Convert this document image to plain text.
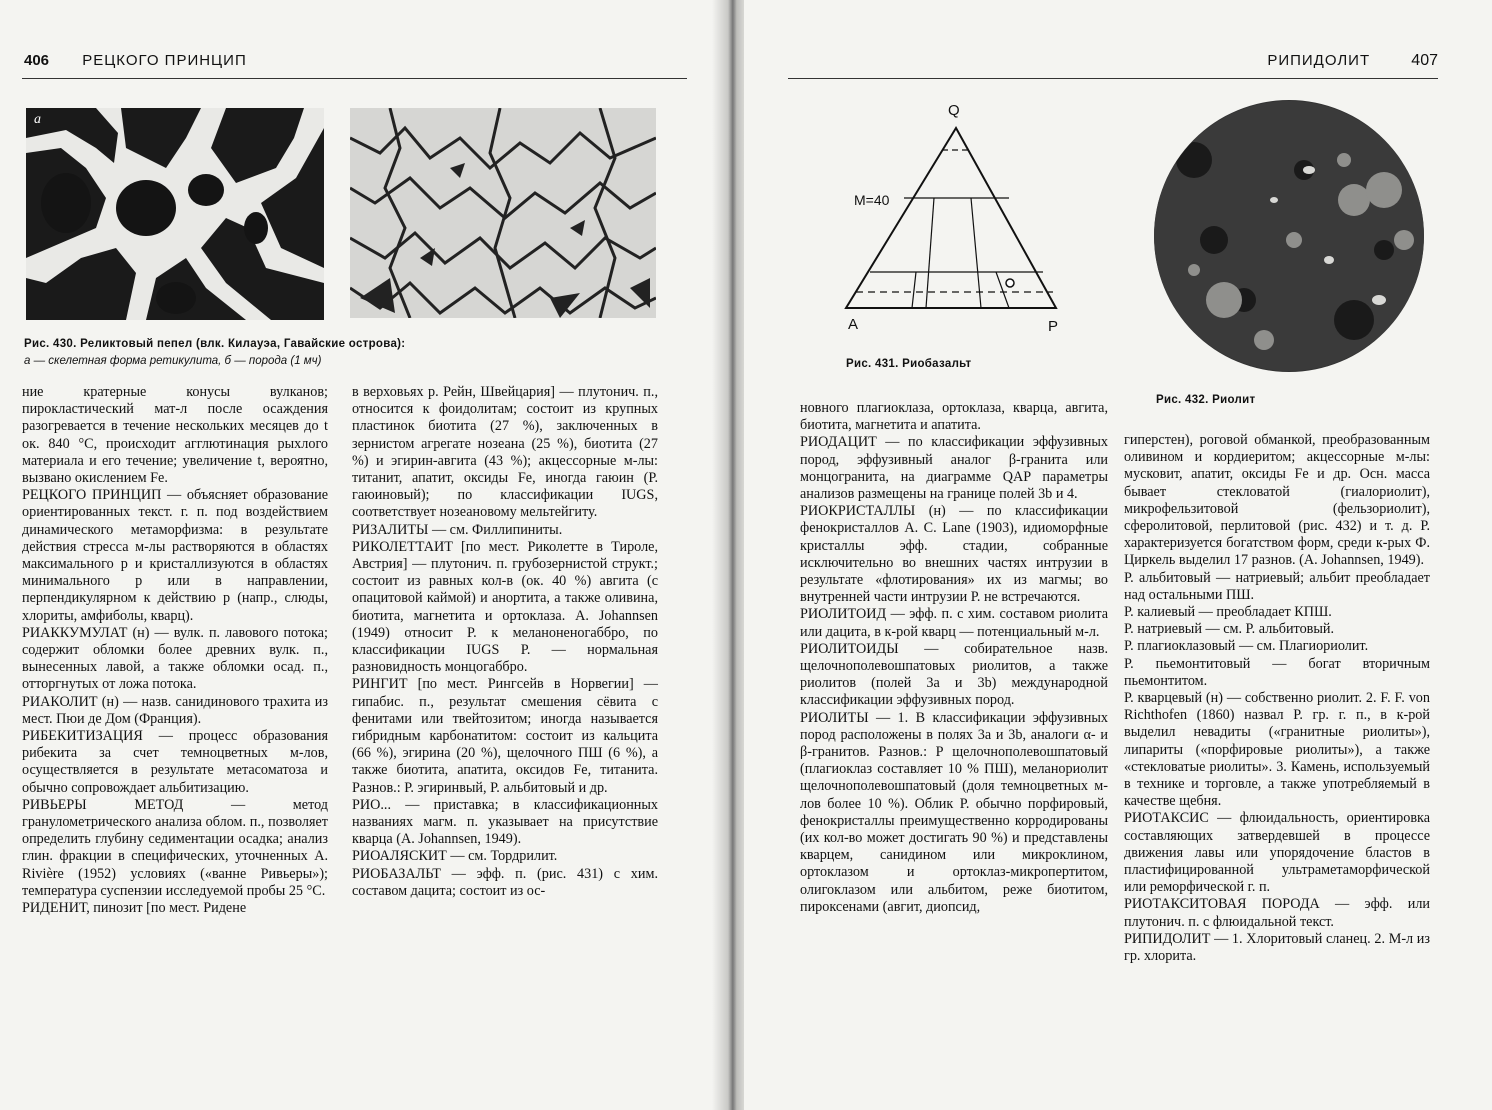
406 РЕЦКОГО ПРИНЦИП
а
Рис. 430. Реликтовый пепел (влк. Килауэа, Гавайские острова):
а — скелетная форма ретикулита, б — порода (1 мч)

ние кратерные конусы вулканов; пирокластический мат-л после осаждения разогревается в течение нескольких месяцев до t ок. 840 °C, происходит агглютинация рыхлого материала и его течение; увеличение t, вероятно, вызвано окислением Fe.

РЕЦКОГО ПРИНЦИП — объясняет образование ориентированных текст. г. п. под воздействием динамического метаморфизма: в результате действия стресса м-лы растворяются в областях максимального p и кристаллизуются в областях минимального p или в направлении, перпендикулярном к действию p (напр., слюды, хлориты, амфиболы, кварц).

РИАККУМУЛАТ (н) — вулк. п. лавового потока; содержит обломки более древних вулк. п., вынесенных лавой, а также обломки осад. п., отторгнутых от ложа потока.

РИАКОЛИТ (н) — назв. санидинового трахита из мест. Пюи де Дом (Франция).

РИБЕКИТИЗАЦИЯ — процесс образования рибекита за счет темноцветных м-лов, осуществляется в результате метасоматоза и обычно сопровождает альбитизацию.

РИВЬЕРЫ МЕТОД — метод гранулометрического анализа облом. п., позволяет определить глубину седиментации осадка; анализ глин. фракции в специфических, уточненных A. Rivière (1952) условиях («ванне Ривьеры»); температура суспензии исследуемой пробы 25 °C.

РИДЕНИТ, пинозит [по мест. Ридене

в верховьях р. Рейн, Швейцария] — плутонич. п., относится к фоидолитам; состоит из крупных пластинок биотита (27 %), заключенных в зернистом агрегате нозеана (25 %), биотита (27 %) и эгирин-авгита (43 %); акцессорные м-лы: титанит, апатит, оксиды Fe, иногда гаюин (Р. гаюиновый); по классификации IUGS, соответствует нозеановому мельтейгиту.

РИЗАЛИТЫ — см. Филлипиниты.

РИКОЛЕТТАИТ [по мест. Риколетте в Тироле, Австрия] — плутонич. п. грубозернистой структ.; состоит из равных кол-в (ок. 40 %) авгита (с опацитовой каймой) и анортита, а также оливина, биотита, магнетита и ортоклаза. A. Johannsen (1949) относит Р. к меланоненогаббро, по классификации IUGS Р. — нормальная разновидность монцогаббро.

РИНГИТ [по мест. Рингсейв в Норвегии] — гипабис. п., результат смешения сёвита с фенитами или твейтозитом; иногда называется гибридным карбонатитом: состоит из кальцита (66 %), эгирина (20 %), щелочного ПШ (6 %), а также биотита, апатита, оксидов Fe, титанита. Разнов.: Р. эгиринвый, Р. альбитовый и др.

РИО... — приставка; в классификационных названиях магм. п. указывает на присутствие кварца (A. Johannsen, 1949).

РИОАЛЯСКИТ — см. Тордрилит.

РИОБАЗАЛЬТ — эфф. п. (рис. 431) с хим. составом дацита; состоит из ос-

РИПИДОЛИТ	407
Q
A	P
M=40
Рис. 431. Риобазальт
Рис. 432. Риолит

новного плагиоклаза, ортоклаза, кварца, авгита, биотита, магнетита и апатита.

РИОДАЦИТ — по классификации эффузивных пород, эффузивный аналог β-гранита или монцогранита, на диаграмме QAP параметры анализов размещены на границе полей 3b и 4.

РИОКРИСТАЛЛЫ (н) — по классификации фенокристаллов A. C. Lane (1903), идиоморфные кристаллы эфф. стадии, собранные исключительно во внешних частях интрузии в результате «флотирования» их из магмы; во внутренней части интрузии Р. не встречаются.

РИОЛИТОИД — эфф. п. с хим. составом риолита или дацита, в к-рой кварц — потенциальный м-л.

РИОЛИТОИДЫ — собирательное назв. щелочнополевошпатовых риолитов, а также риолитов (полей 3а и 3b) международной классификации эффузивных пород.

РИОЛИТЫ — 1. В классификации эффузивных пород расположены в полях 3а и 3b, аналоги α- и β-гранитов. Разнов.: Р щелочнополевошпатовый (плагиоклаз составляет 10 % ПШ), меланориолит щелочнополевошпатовый (доля темноцветных м-лов более 10 %). Облик Р. обычно порфировый, фенокристаллы преимущественно корродированы (их кол-во может достигать 90 %) и представлены кварцем, санидином или микроклином, ортоклазом и ортоклаз-микропертитом, олигоклазом или альбитом, реже биотитом, пироксенами (авгит, диопсид,

гиперстен), роговой обманкой, преобразованным оливином и кордиеритом; акцессорные м-лы: мусковит, апатит, оксиды Fe и др. Осн. масса бывает стекловатой (гиалориолит), микрофельзитовой (фельзориолит), сферолитовой, перлитовой (рис. 432) и т. д. Р. характеризуется богатством форм, среди к-рых Ф. Циркель выделил 17 разнов. (A. Johannsen, 1949).

Р. альбитовый — натриевый; альбит преобладает над остальными ПШ.

Р. калиевый — преобладает КПШ.

Р. натриевый — см. Р. альбитовый.

Р. плагиоклазовый — см. Плагиориолит.

Р. пьемонтитовый — богат вторичным пьемонтитом.

Р. кварцевый (н) — собственно риолит. 2. F. F. von Richthofen (1860) назвал Р. гр. г. п., в к-рой выделил невадиты («гранитные риолиты»), липариты («порфировые риолиты»), а также «стекловатые риолиты». 3. Камень, используемый в технике и торговле, а также употребляемый в качестве щебня.

РИОТАКСИС — флюидальность, ориентировка составляющих затвердевшей в процессе движения лавы или упорядочение бластов в пластифицированной ультраметаморфической или реморфической г. п.

РИОТАКСИТОВАЯ ПОРОДА — эфф. или плутонич. п. с флюидальной текст.

РИПИДОЛИТ — 1. Хлоритовый сланец. 2. М-л из гр. хлорита.
